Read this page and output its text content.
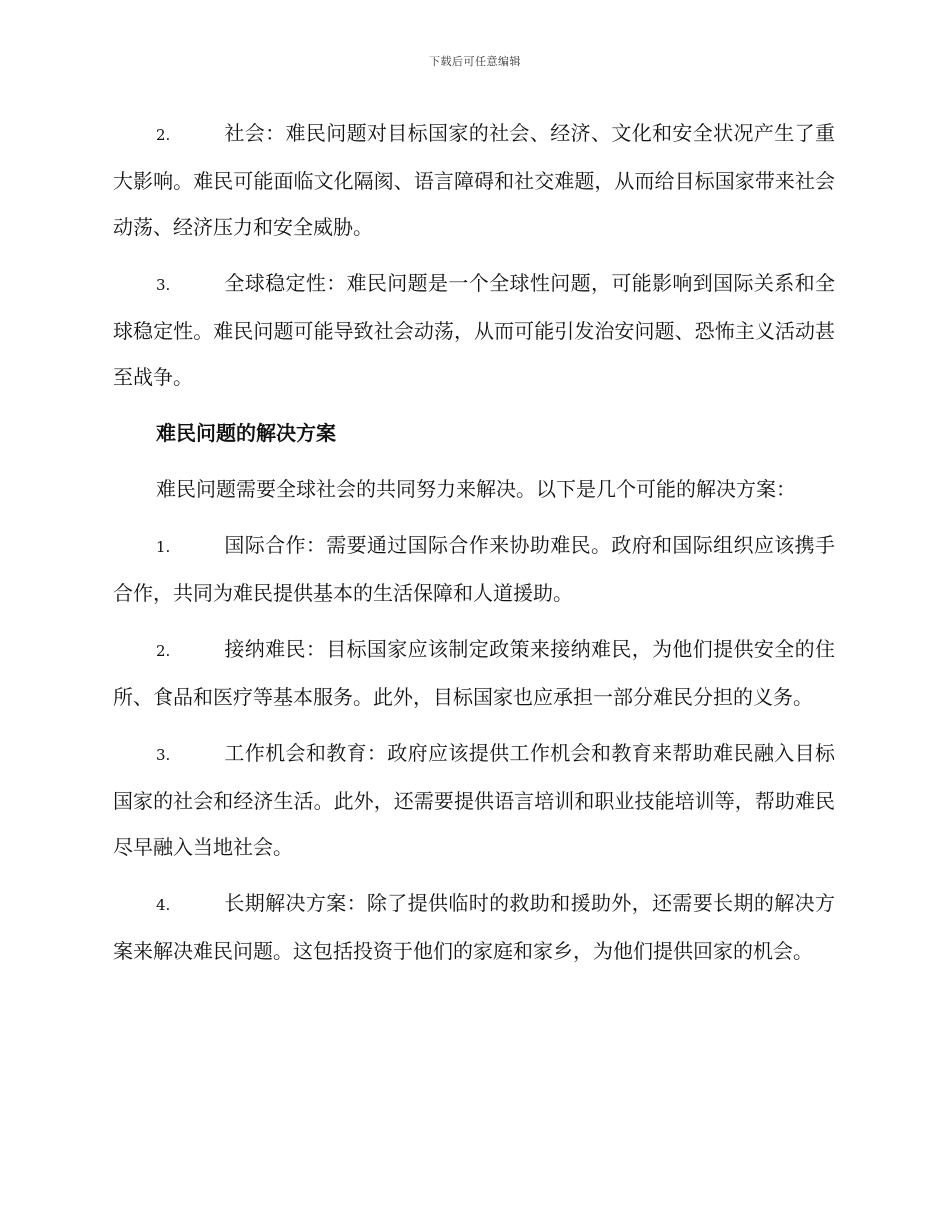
下载后可任意编辑

2.	社会：难民问题对目标国家的社会、经济、文化和安全状况产生了重大影响。难民可能面临文化隔阂、语言障碍和社交难题，从而给目标国家带来社会动荡、经济压力和安全威胁。

3.	全球稳定性：难民问题是一个全球性问题，可能影响到国际关系和全球稳定性。难民问题可能导致社会动荡，从而可能引发治安问题、恐怖主义活动甚至战争。

难民问题的解决方案

难民问题需要全球社会的共同努力来解决。以下是几个可能的解决方案：

1.	国际合作：需要通过国际合作来协助难民。政府和国际组织应该携手合作，共同为难民提供基本的生活保障和人道援助。

2.	接纳难民：目标国家应该制定政策来接纳难民，为他们提供安全的住所、食品和医疗等基本服务。此外，目标国家也应承担一部分难民分担的义务。

3.	工作机会和教育：政府应该提供工作机会和教育来帮助难民融入目标国家的社会和经济生活。此外，还需要提供语言培训和职业技能培训等，帮助难民尽早融入当地社会。

4.	长期解决方案：除了提供临时的救助和援助外，还需要长期的解决方案来解决难民问题。这包括投资于他们的家庭和家乡，为他们提供回家的机会。
